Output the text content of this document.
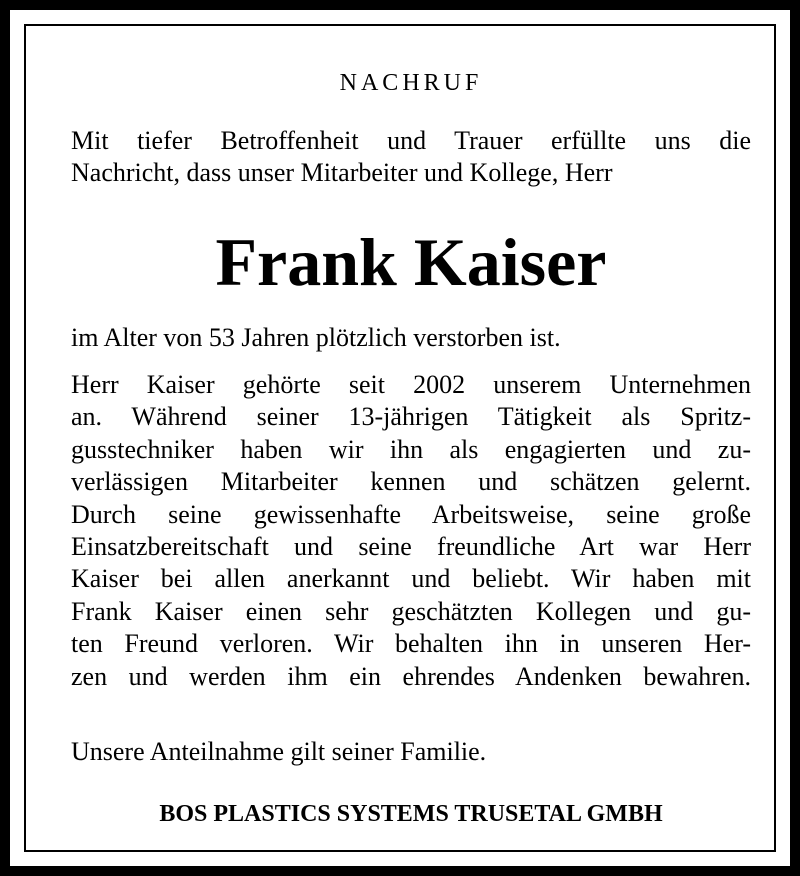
NACHRUF
Mit tiefer Betroffenheit und Trauer erfüllte uns die
Nachricht, dass unser Mitarbeiter und Kollege, Herr
Frank Kaiser
im Alter von 53 Jahren plötzlich verstorben ist.
Herr Kaiser gehörte seit 2002 unserem Unternehmen
an. Während seiner 13-jährigen Tätigkeit als Spritz-
gusstechniker haben wir ihn als engagierten und zu-
verlässigen Mitarbeiter kennen und schätzen gelernt.
Durch seine gewissenhafte Arbeitsweise, seine große
Einsatzbereitschaft und seine freundliche Art war Herr
Kaiser bei allen anerkannt und beliebt. Wir haben mit
Frank Kaiser einen sehr geschätzten Kollegen und gu-
ten Freund verloren. Wir behalten ihn in unseren Her-
zen und werden ihm ein ehrendes Andenken bewahren.
Unsere Anteilnahme gilt seiner Familie.
BOS PLASTICS SYSTEMS TRUSETAL GMBH
